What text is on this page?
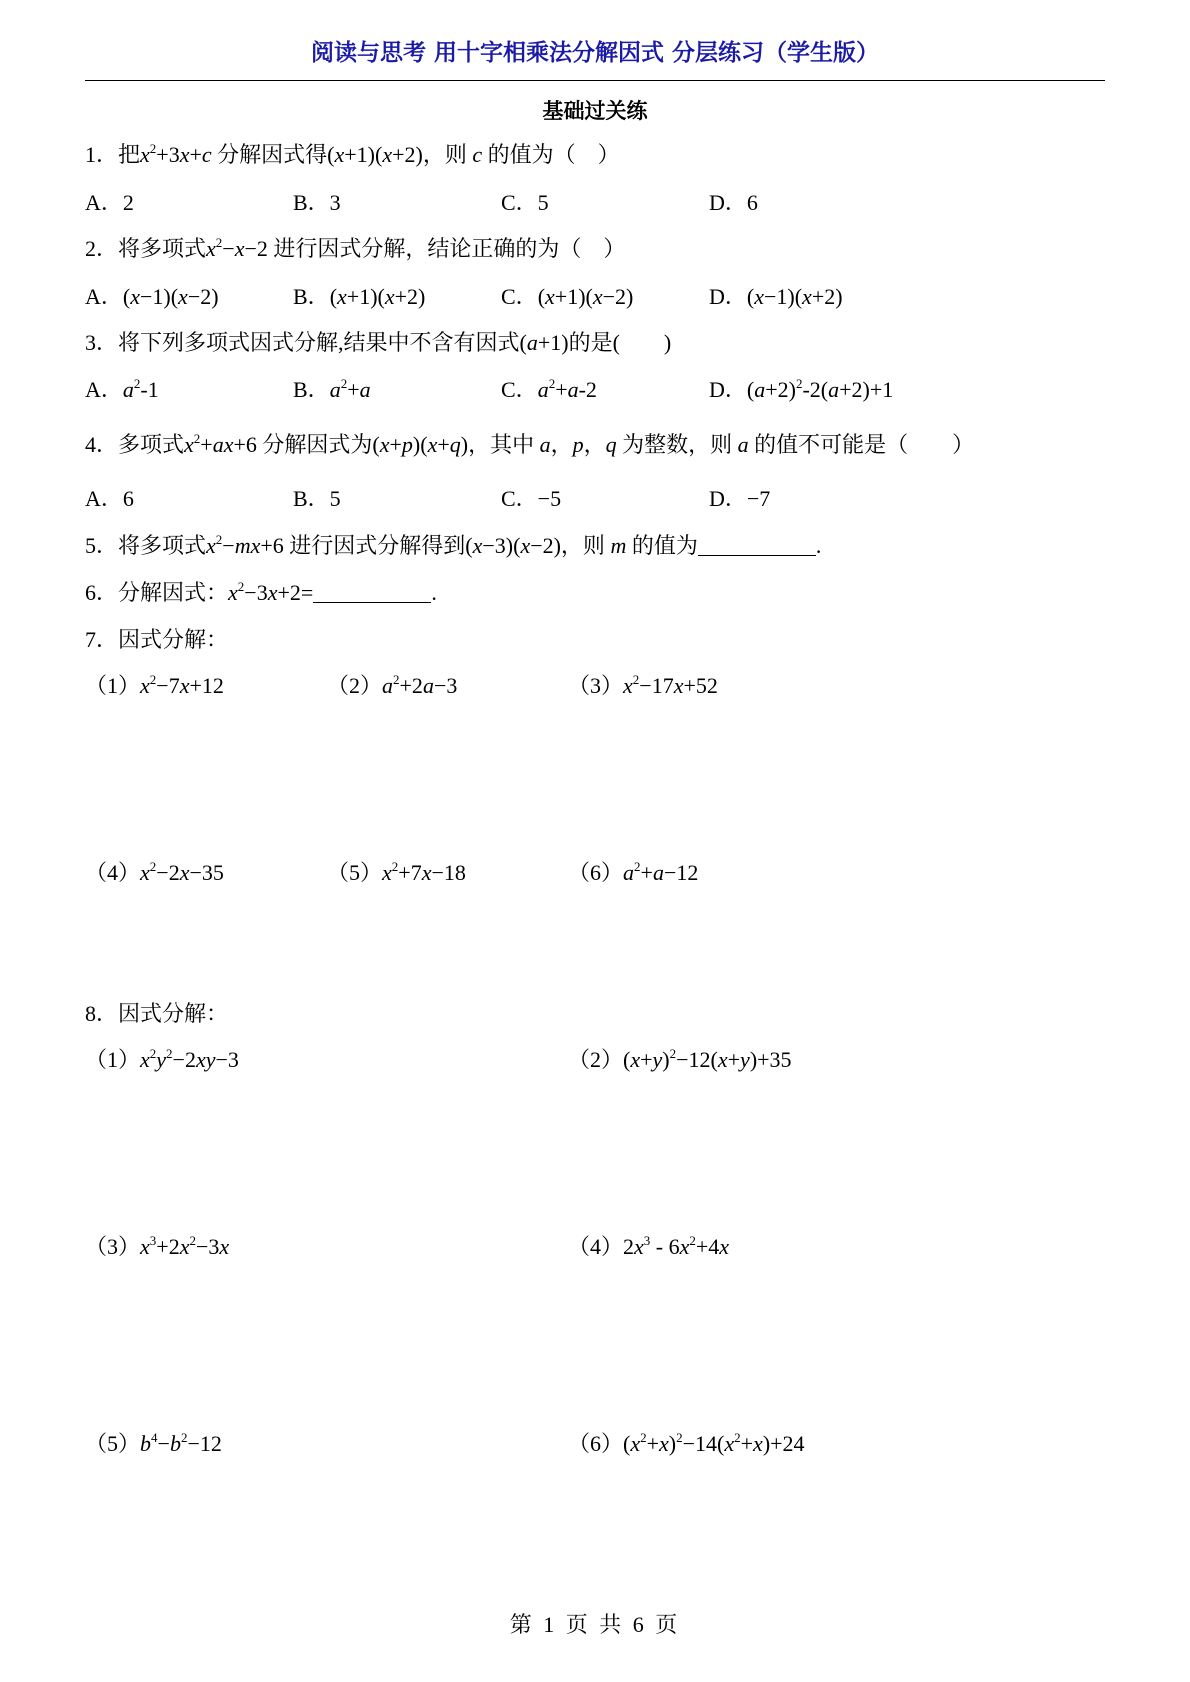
阅读与思考 用十字相乘法分解因式 分层练习（学生版）
基础过关练
1．把$x^2+3x+c$ 分解因式得(x+1)(x+2)，则 c 的值为（　）
A．2	B．3	C．5	D．6
2．将多项式$x^2-x-2$ 进行因式分解，结论正确的为（　）
A．(x−1)(x−2)	B．(x+1)(x+2)	C．(x+1)(x−2)	D．(x−1)(x+2)
3．将下列多项式因式分解,结果中不含有因式(a+1)的是(　　)
A．$a^2-1$	B．$a^2+a$	C．$a^2+a-2$	D．$(a+2)^2-2(a+2)+1$
4．多项式$x^2+ax+6$ 分解因式为(x+p)(x+q)，其中 a，p，q 为整数，则 a 的值不可能是（　　）
A．6	B．5	C．−5	D．−7
5．将多项式$x^2-mx+6$ 进行因式分解得到(x−3)(x−2)，则 m 的值为	.
6．分解因式：$x^2-3x+2=$	.
7．因式分解：
$(1)x^2-7x+12$	$(2)a^2+2a-3$	$(3)x^2-17x+52$
$(4)x^2-2x-35$	$(5)x^2+7x-18$	$(6)a^2+a-12$
8．因式分解：
$(1)x^2y^2-2xy-3$	$(2)(x+y)^2-12(x+y)+35$
$(3)x^3+2x^2-3x$	$(4)2x^3 - 6x^2+4x$
$(5)b^4-b^2-12$	$(6)(x^2+x)^2-14(x^2+x)+24$
第 1 页 共 6 页
